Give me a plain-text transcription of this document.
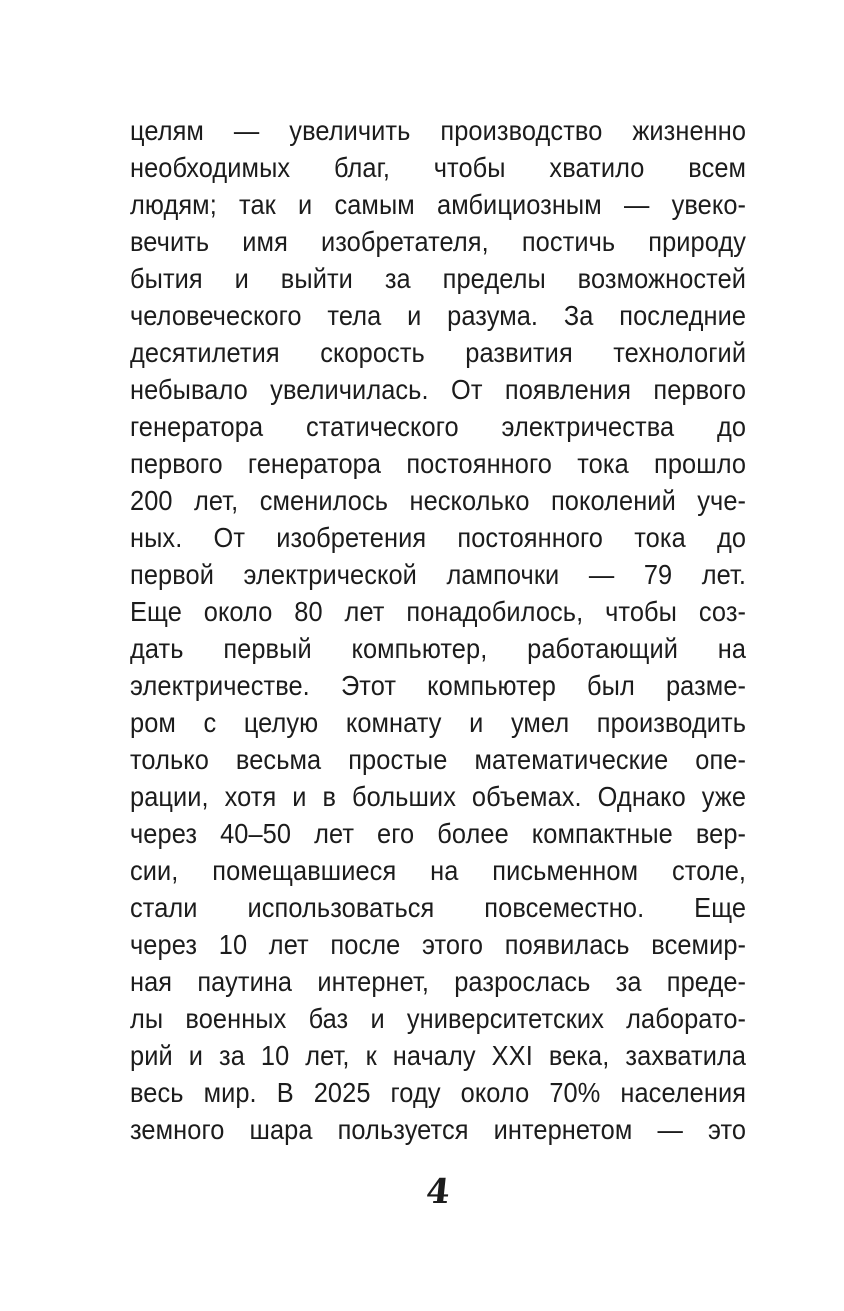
целям — увеличить производство жизненно
необходимых благ, чтобы хватило всем
людям; так и самым амбициозным — увеко-
вечить имя изобретателя, постичь природу
бытия и выйти за пределы возможностей
человеческого тела и разума. За последние
десятилетия скорость развития технологий
небывало увеличилась. От появления первого
генератора статического электричества до
первого генератора постоянного тока прошло
200 лет, сменилось несколько поколений уче-
ных. От изобретения постоянного тока до
первой электрической лампочки — 79 лет.
Еще около 80 лет понадобилось, чтобы соз-
дать первый компьютер, работающий на
электричестве. Этот компьютер был разме-
ром с целую комнату и умел производить
только весьма простые математические опе-
рации, хотя и в больших объемах. Однако уже
через 40–50 лет его более компактные вер-
сии, помещавшиеся на письменном столе,
стали использоваться повсеместно. Еще
через 10 лет после этого появилась всемир-
ная паутина интернет, разрослась за преде-
лы военных баз и университетских лаборато-
рий и за 10 лет, к началу XXI века, захватила
весь мир. В 2025 году около 70% населения
земного шара пользуется интернетом — это
4
